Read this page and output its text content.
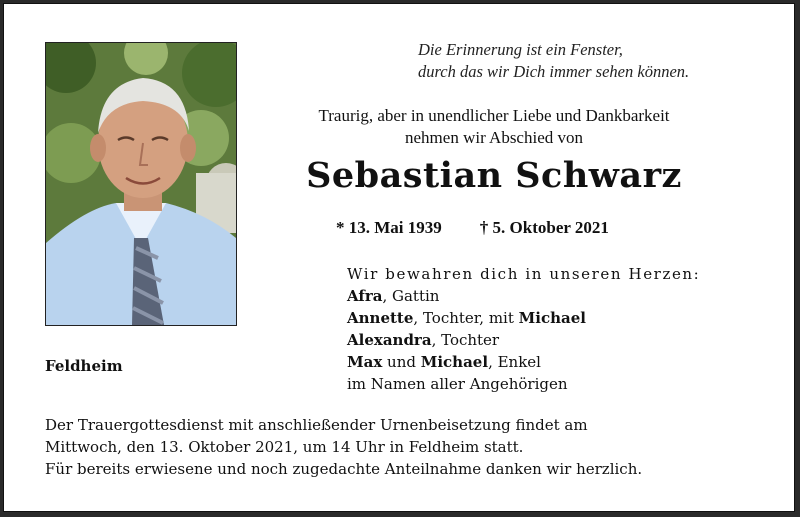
Die Erinnerung ist ein Fenster,
durch das wir Dich immer sehen können.
Traurig, aber in unendlicher Liebe und Dankbarkeit
nehmen wir Abschied von
Sebastian Schwarz
* 13. Mai 1939 † 5. Oktober 2021
Wir bewahren dich in unseren Herzen:
Afra, Gattin
Annette, Tochter, mit Michael
Alexandra, Tochter
Max und Michael, Enkel
im Namen aller Angehörigen
Feldheim
Der Trauergottesdienst mit anschließender Urnenbeisetzung findet am
Mittwoch, den 13. Oktober 2021, um 14 Uhr in Feldheim statt.
Für bereits erwiesene und noch zugedachte Anteilnahme danken wir herzlich.
